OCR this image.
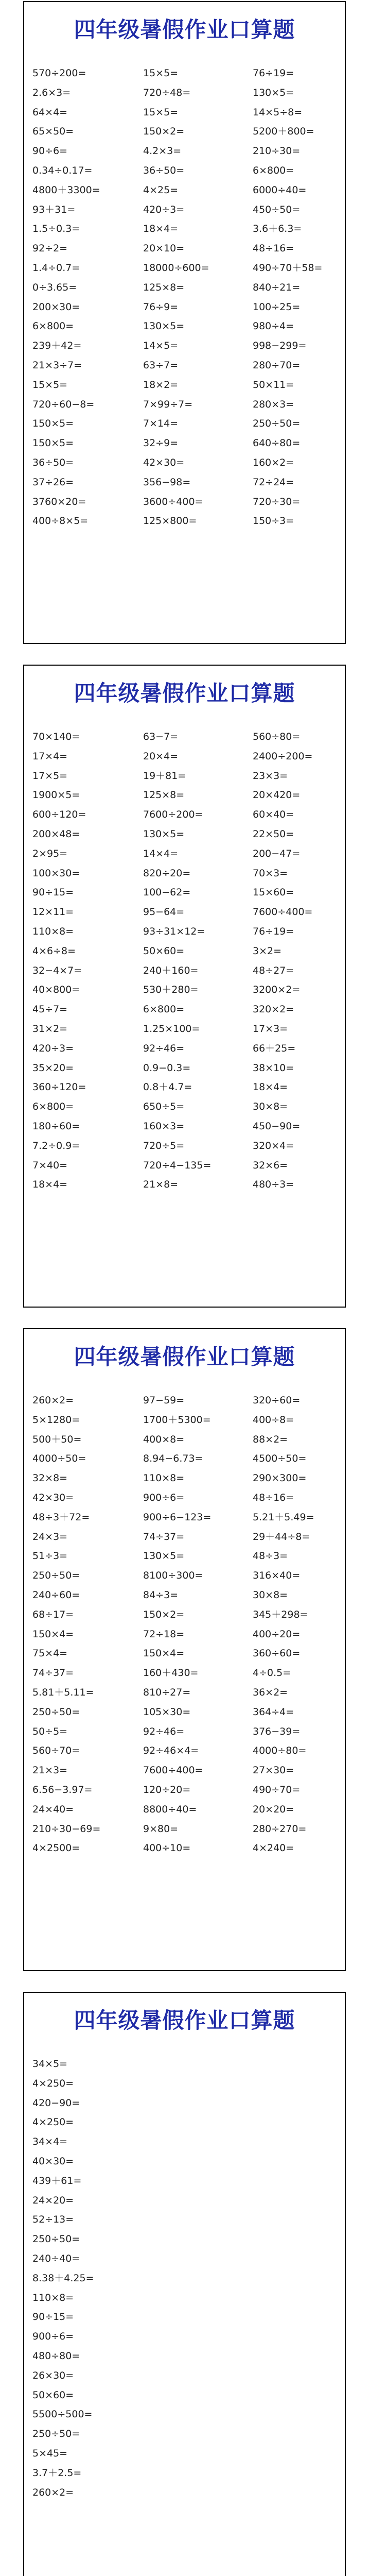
四年级暑假作业口算题
570÷200=	15×5=	76÷19=
2.6×3=	720÷48=	130×5=
64×4=	15×5=	14×5÷8=
65×50=	150×2=	5200＋800=
90÷6=	4.2×3=	210÷30=
0.34÷0.17=	36÷50=	6×800=
4800＋3300=	4×25=	6000÷40=
93＋31=	420÷3=	450÷50=
1.5÷0.3=	18×4=	3.6＋6.3=
92÷2=	20×10=	48÷16=
1.4÷0.7=	18000÷600=	490÷70＋58=
0÷3.65=	125×8=	840÷21=
200×30=	76÷9=	100÷25=
6×800=	130×5=	980÷4=
239＋42=	14×5=	998−299=
21×3÷7=	63÷7=	280÷70=
15×5=	18×2=	50×11=
720÷60−8=	7×99÷7=	280×3=
150×5=	7×14=	250÷50=
150×5=	32÷9=	640÷80=
36÷50=	42×30=	160×2=
37÷26=	356−98=	72÷24=
3760×20=	3600÷400=	720÷30=
400÷8×5=	125×800=	150÷3=
四年级暑假作业口算题
70×140=	63−7=	560÷80=
17×4=	20×4=	2400÷200=
17×5=	19＋81=	23×3=
1900×5=	125×8=	20×420=
600÷120=	7600÷200=	60×40=
200×48=	130×5=	22×50=
2×95=	14×4=	200−47=
100×30=	820÷20=	70×3=
90÷15=	100−62=	15×60=
12×11=	95−64=	7600÷400=
110×8=	93÷31×12=	76÷19=
4×6÷8=	50×60=	3×2=
32−4×7=	240＋160=	48÷27=
40×800=	530＋280=	3200×2=
45÷7=	6×800=	320×2=
31×2=	1.25×100=	17×3=
420÷3=	92÷46=	66＋25=
35×20=	0.9−0.3=	38×10=
360÷120=	0.8＋4.7=	18×4=
6×800=	650÷5=	30×8=
180÷60=	160×3=	450−90=
7.2÷0.9=	720÷5=	320×4=
7×40=	720÷4−135=	32×6=
18×4=	21×8=	480÷3=
四年级暑假作业口算题
260×2=	97−59=	320÷60=
5×1280=	1700＋5300=	400÷8=
500＋50=	400×8=	88×2=
4000÷50=	8.94−6.73=	4500÷50=
32×8=	110×8=	290×300=
42×30=	900÷6=	48÷16=
48÷3＋72=	900÷6−123=	5.21＋5.49=
24×3=	74÷37=	29＋44÷8=
51÷3=	130×5=	48÷3=
250÷50=	8100÷300=	316×40=
240÷60=	84÷3=	30×8=
68÷17=	150×2=	345＋298=
150×4=	72÷18=	400÷20=
75×4=	150×4=	360÷60=
74÷37=	160＋430=	4÷0.5=
5.81＋5.11=	810÷27=	36×2=
250÷50=	105×30=	364÷4=
50÷5=	92÷46=	376−39=
560÷70=	92÷46×4=	4000÷80=
21×3=	7600÷400=	27×30=
6.56−3.97=	120÷20=	490÷70=
24×40=	8800÷40=	20×20=
210÷30−69=	9×80=	280÷270=
4×2500=	400÷10=	4×240=
四年级暑假作业口算题
34×5=
4×250=
420−90=
4×250=
34×4=
40×30=
439＋61=
24×20=
52÷13=
250÷50=
240÷40=
8.38＋4.25=
110×8=
90÷15=
900÷6=
480÷80=
26×30=
50×60=
5500÷500=
250÷50=
5×45=
3.7＋2.5=
260×2=
